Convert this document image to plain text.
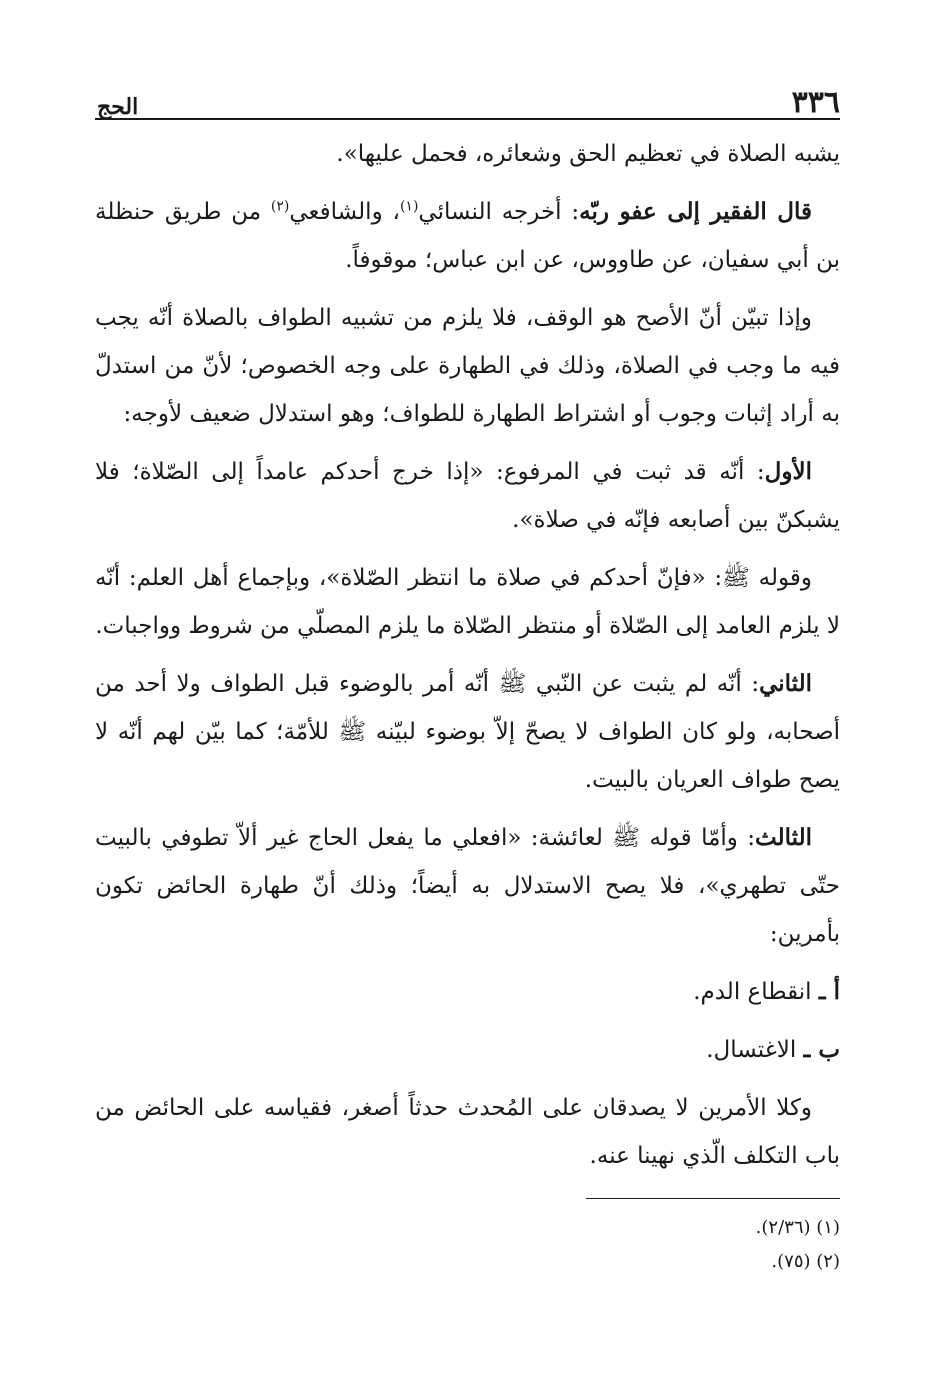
٣٣٦
الحج

يشبه الصلاة في تعظيم الحق وشعائره، فحمل عليها».

قال الفقير إلى عفو ربّه: أخرجه النسائي$^{(١)}$، والشافعي$^{(٢)}$ من طريق حنظلة بن أبي سفيان، عن طاووس، عن ابن عباس؛ موقوفاً.

وإذا تبيّن أنّ الأصح هو الوقف، فلا يلزم من تشبيه الطواف بالصلاة أنّه يجب فيه ما وجب في الصلاة، وذلك في الطهارة على وجه الخصوص؛ لأنّ من استدلّ به أراد إثبات وجوب أو اشتراط الطهارة للطواف؛ وهو استدلال ضعيف لأوجه:

الأول: أنّه قد ثبت في المرفوع: «إذا خرج أحدكم عامداً إلى الصّلاة؛ فلا يشبكنّ بين أصابعه فإنّه في صلاة».

وقوله ﷺ: «فإنّ أحدكم في صلاة ما انتظر الصّلاة»، وبإجماع أهل العلم: أنّه لا يلزم العامد إلى الصّلاة أو منتظر الصّلاة ما يلزم المصلّي من شروط وواجبات.

الثاني: أنّه لم يثبت عن النّبي ﷺ أنّه أمر بالوضوء قبل الطواف ولا أحد من أصحابه، ولو كان الطواف لا يصحّ إلاّ بوضوء لبيّنه ﷺ للأمّة؛ كما بيّن لهم أنّه لا يصح طواف العريان بالبيت.

الثالث: وأمّا قوله ﷺ لعائشة: «افعلي ما يفعل الحاج غير ألاّ تطوفي بالبيت حتّى تطهري»، فلا يصح الاستدلال به أيضاً؛ وذلك أنّ طهارة الحائض تكون بأمرين:

أ ـ انقطاع الدم.

ب ـ الاغتسال.

وكلا الأمرين لا يصدقان على المُحدث حدثاً أصغر، فقياسه على الحائض من باب التكلف الّذي نهينا عنه.

(١) (٢/٣٦).

(٢) (٧٥).
